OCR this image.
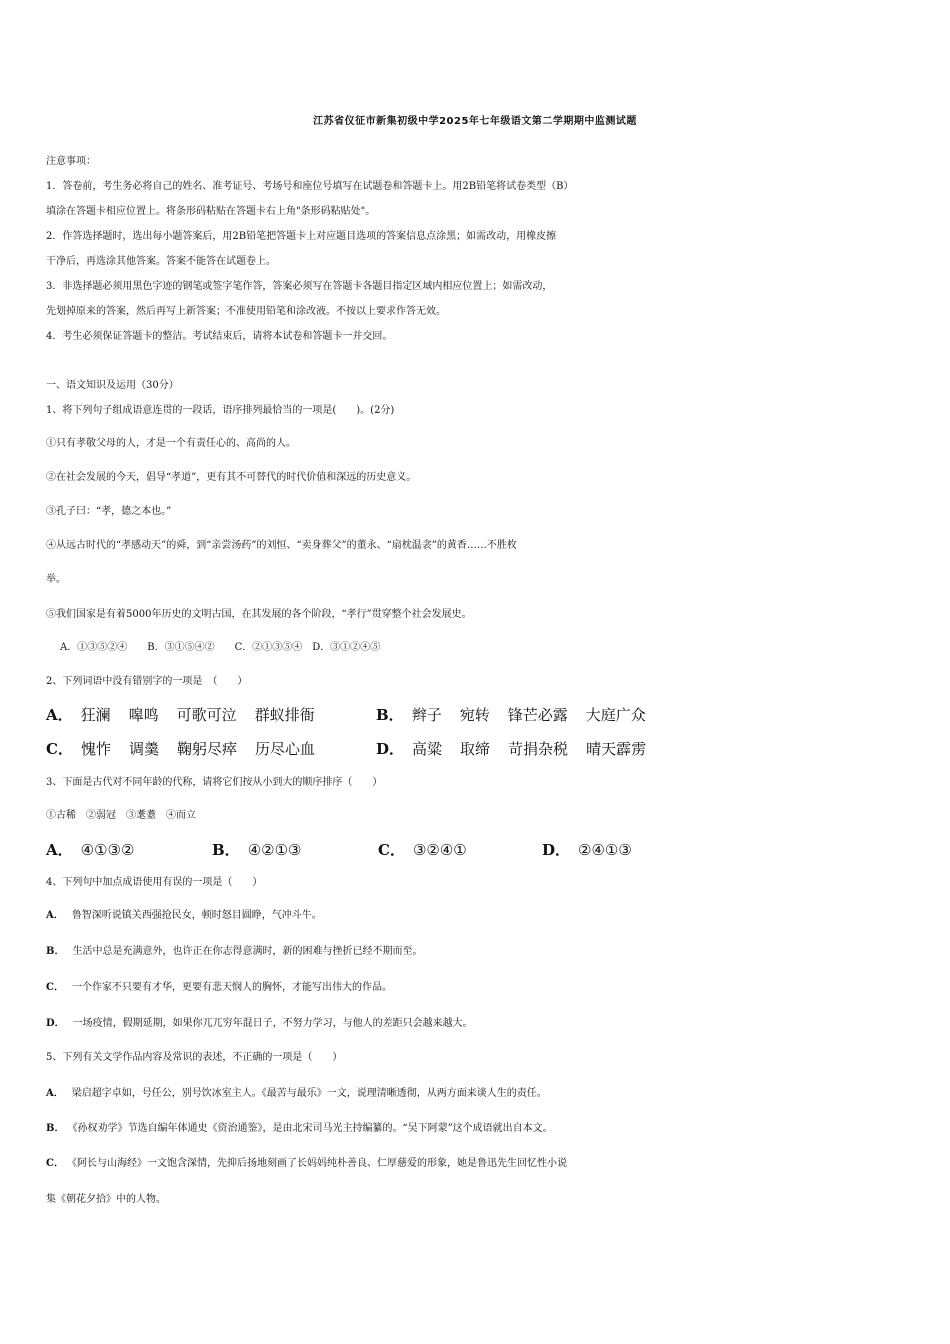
江苏省仪征市新集初级中学2025年七年级语文第二学期期中监测试题
注意事项：
1．答卷前，考生务必将自己的姓名、准考证号、考场号和座位号填写在试题卷和答题卡上。用2B铅笔将试卷类型（B）
填涂在答题卡相应位置上。将条形码粘贴在答题卡右上角"条形码粘贴处"。
2．作答选择题时，选出每小题答案后，用2B铅笔把答题卡上对应题目选项的答案信息点涂黑；如需改动，用橡皮擦
干净后，再选涂其他答案。答案不能答在试题卷上。
3．非选择题必须用黑色字迹的钢笔或签字笔作答，答案必须写在答题卡各题目指定区域内相应位置上；如需改动，
先划掉原来的答案，然后再写上新答案；不准使用铅笔和涂改液。不按以上要求作答无效。
4．考生必须保证答题卡的整洁。考试结束后，请将本试卷和答题卡一并交回。
一、语文知识及运用（30分）
1、将下列句子组成语意连贯的一段话，语序排列最恰当的一项是(　　)。(2分)
①只有孝敬父母的人，才是一个有责任心的、高尚的人。
②在社会发展的今天，倡导“孝道”，更有其不可替代的时代价值和深远的历史意义。
③孔子曰：“孝，德之本也。”
④从远古时代的“孝感动天”的舜，到“亲尝汤药”的刘恒、“卖身葬父”的董永、“扇枕温衾”的黄香……不胜枚
举。
⑤我们国家是有着5000年历史的文明古国，在其发展的各个阶段，“孝行”贯穿整个社会发展史。
A．①③⑤②④　　B．③①⑤④②　　C．②①③⑤④　D．③①②④⑤
2、下列词语中没有错别字的一项是　（　　）
A． 狂澜 嗥鸣 可歌可泣 群蚁排衙	B． 辫子 宛转 锋芒必露 大庭广众
C． 愧怍 调羹 鞠躬尽瘁 历尽心血	D． 高粱 取缔 苛捐杂税 晴天霹雳
3、下面是古代对不同年龄的代称，请将它们按从小到大的顺序排序（　　）
①古稀　②弱冠　③耄耋　④而立
A． ④①③②	B． ④②①③	C． ③②④①	D． ②④①③
4、下列句中加点成语使用有误的一项是（　　）
A． 鲁智深听说镇关西强抢民女，顿时怒目圆睁，气冲斗牛。
B． 生活中总是充满意外，也许正在你志得意满时，新的困难与挫折已经不期而至。
C． 一个作家不只要有才华，更要有悲天悯人的胸怀，才能写出伟大的作品。
D． 一场疫情，假期延期，如果你兀兀穷年混日子，不努力学习，与他人的差距只会越来越大。
5、下列有关文学作品内容及常识的表述，不正确的一项是（　　）
A． 梁启超字卓如，号任公，别号饮冰室主人。《最苦与最乐》一文，说理清晰透彻，从两方面来谈人生的责任。
B． 《孙权劝学》节选自编年体通史《资治通鉴》，是由北宋司马光主持编纂的。“吴下阿蒙”这个成语就出自本文。
C． 《阿长与山海经》一文饱含深情，先抑后扬地刻画了长妈妈纯朴善良、仁厚慈爱的形象，她是鲁迅先生回忆性小说
集《朝花夕拾》中的人物。
